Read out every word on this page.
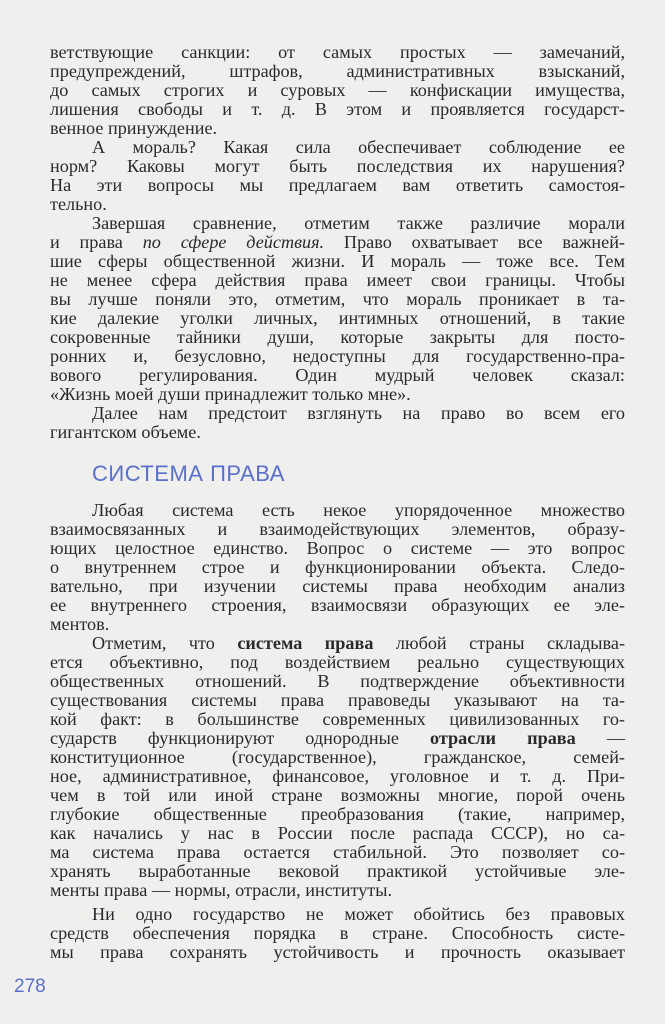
ветствующие санкции: от самых простых — замечаний,
предупреждений, штрафов, административных взысканий,
до самых строгих и суровых — конфискации имущества,
лишения свободы и т. д. В этом и проявляется государст-
венное принуждение.
А мораль? Какая сила обеспечивает соблюдение ее
норм? Каковы могут быть последствия их нарушения?
На эти вопросы мы предлагаем вам ответить самостоя-
тельно.
Завершая сравнение, отметим также различие морали
и права по сфере действия. Право охватывает все важней-
шие сферы общественной жизни. И мораль — тоже все. Тем
не менее сфера действия права имеет свои границы. Чтобы
вы лучше поняли это, отметим, что мораль проникает в та-
кие далекие уголки личных, интимных отношений, в такие
сокровенные тайники души, которые закрыты для посто-
ронних и, безусловно, недоступны для государственно-пра-
вового регулирования. Один мудрый человек сказал:
«Жизнь моей души принадлежит только мне».
Далее нам предстоит взглянуть на право во всем его
гигантском объеме.
СИСТЕМА ПРАВА
Любая система есть некое упорядоченное множество
взаимосвязанных и взаимодействующих элементов, образу-
ющих целостное единство. Вопрос о системе — это вопрос
о внутреннем строе и функционировании объекта. Следо-
вательно, при изучении системы права необходим анализ
ее внутреннего строения, взаимосвязи образующих ее эле-
ментов.
Отметим, что система права любой страны складыва-
ется объективно, под воздействием реально существующих
общественных отношений. В подтверждение объективности
существования системы права правоведы указывают на та-
кой факт: в большинстве современных цивилизованных го-
сударств функционируют однородные отрасли права —
конституционное (государственное), гражданское, семей-
ное, административное, финансовое, уголовное и т. д. При-
чем в той или иной стране возможны многие, порой очень
глубокие общественные преобразования (такие, например,
как начались у нас в России после распада СССР), но са-
ма система права остается стабильной. Это позволяет со-
хранять выработанные вековой практикой устойчивые эле-
менты права — нормы, отрасли, институты.
Ни одно государство не может обойтись без правовых
средств обеспечения порядка в стране. Способность систе-
мы права сохранять устойчивость и прочность оказывает
278
